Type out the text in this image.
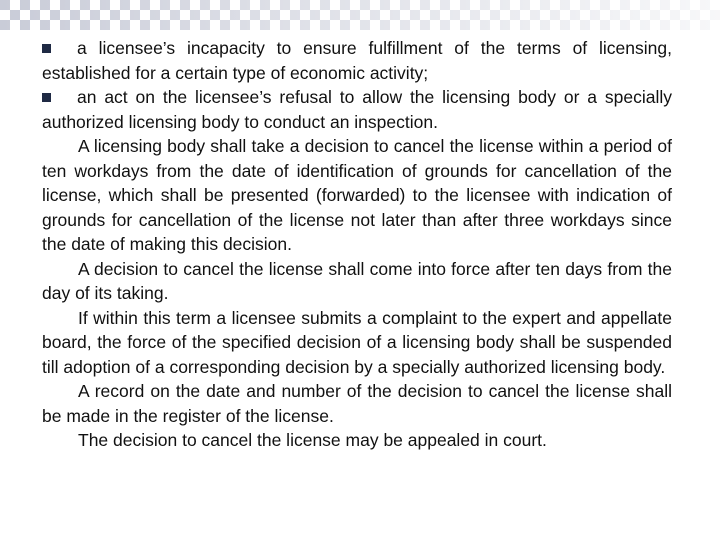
a licensee’s incapacity to ensure fulfillment of the terms of licensing, established for a certain type of economic activity;

an act on the licensee’s refusal to allow the licensing body or a specially authorized licensing body to conduct an inspection.

A licensing body shall take a decision to cancel the license within a period of ten workdays from the date of identification of grounds for cancellation of the license, which shall be presented (forwarded) to the licensee with indication of grounds for cancellation of the license not later than after three workdays since the date of making this decision.

A decision to cancel the license shall come into force after ten days from the day of its taking.

If within this term a licensee submits a complaint to the expert and appellate board, the force of the specified decision of a licensing body shall be suspended till adoption of a corresponding decision by a specially authorized licensing body.

A record on the date and number of the decision to cancel the license shall be made in the register of the license.

The decision to cancel the license may be appealed in court.
